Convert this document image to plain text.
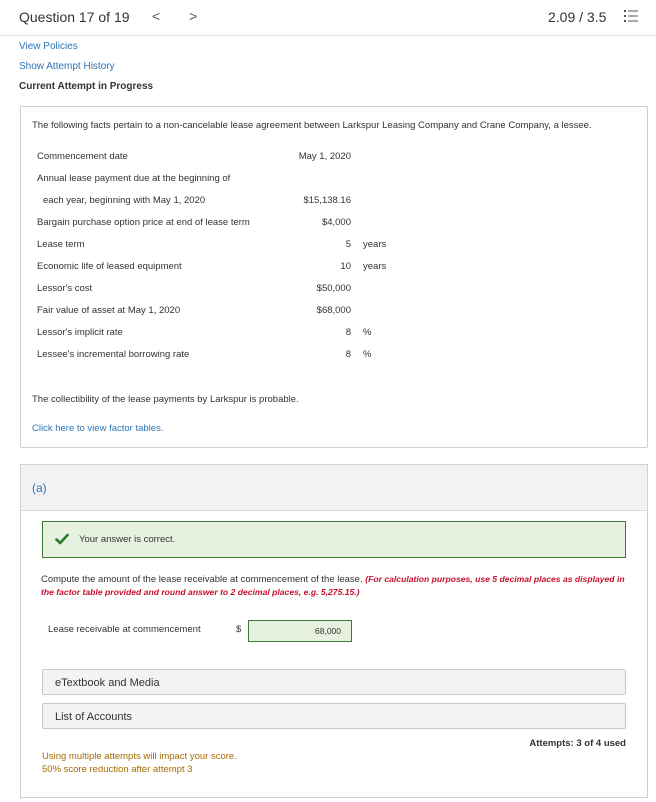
Question 17 of 19 < >	2.09 / 3.5
View Policies
Show Attempt History
Current Attempt in Progress
The following facts pertain to a non-cancelable lease agreement between Larkspur Leasing Company and Crane Company, a lessee.
Commencement date	May 1, 2020
Annual lease payment due at the beginning of
each year, beginning with May 1, 2020	$15,138.16
Bargain purchase option price at end of lease term	$4,000
Lease term	5 years
Economic life of leased equipment	10 years
Lessor's cost	$50,000
Fair value of asset at May 1, 2020	$68,000
Lessor's implicit rate	8 %
Lessee's incremental borrowing rate	8 %
The collectibility of the lease payments by Larkspur is probable.
Click here to view factor tables.
(a)
Your answer is correct.
Compute the amount of the lease receivable at commencement of the lease. (For calculation purposes, use 5 decimal places as displayed in the factor table provided and round answer to 2 decimal places, e.g. 5,275.15.)
Lease receivable at commencement	$
68,000
eTextbook and Media
List of Accounts
Attempts: 3 of 4 used
Using multiple attempts will impact your score.
50% score reduction after attempt 3
